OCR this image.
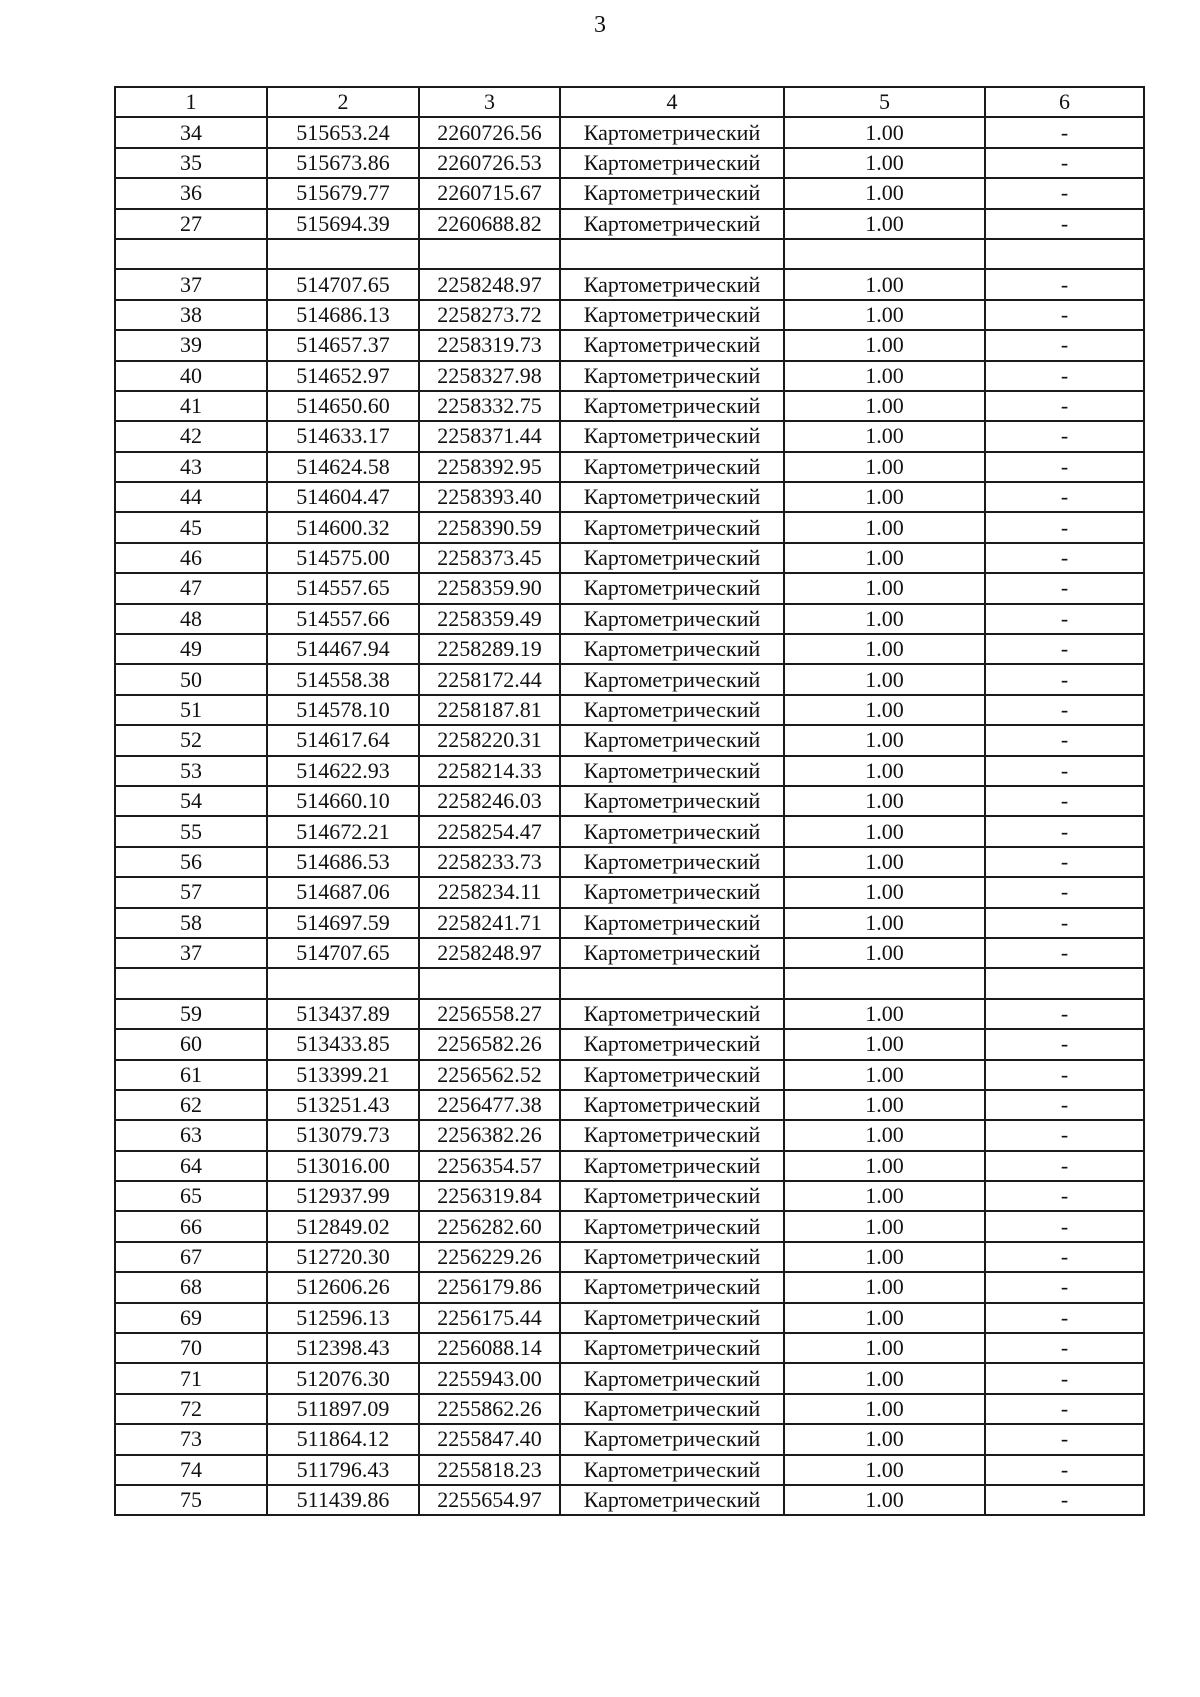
3
1	2	3	4	5	6
34	515653.24	2260726.56	Картометрический	1.00	-
35	515673.86	2260726.53	Картометрический	1.00	-
36	515679.77	2260715.67	Картометрический	1.00	-
27	515694.39	2260688.82	Картометрический	1.00	-

37	514707.65	2258248.97	Картометрический	1.00	-
38	514686.13	2258273.72	Картометрический	1.00	-
39	514657.37	2258319.73	Картометрический	1.00	-
40	514652.97	2258327.98	Картометрический	1.00	-
41	514650.60	2258332.75	Картометрический	1.00	-
42	514633.17	2258371.44	Картометрический	1.00	-
43	514624.58	2258392.95	Картометрический	1.00	-
44	514604.47	2258393.40	Картометрический	1.00	-
45	514600.32	2258390.59	Картометрический	1.00	-
46	514575.00	2258373.45	Картометрический	1.00	-
47	514557.65	2258359.90	Картометрический	1.00	-
48	514557.66	2258359.49	Картометрический	1.00	-
49	514467.94	2258289.19	Картометрический	1.00	-
50	514558.38	2258172.44	Картометрический	1.00	-
51	514578.10	2258187.81	Картометрический	1.00	-
52	514617.64	2258220.31	Картометрический	1.00	-
53	514622.93	2258214.33	Картометрический	1.00	-
54	514660.10	2258246.03	Картометрический	1.00	-
55	514672.21	2258254.47	Картометрический	1.00	-
56	514686.53	2258233.73	Картометрический	1.00	-
57	514687.06	2258234.11	Картометрический	1.00	-
58	514697.59	2258241.71	Картометрический	1.00	-
37	514707.65	2258248.97	Картометрический	1.00	-

59	513437.89	2256558.27	Картометрический	1.00	-
60	513433.85	2256582.26	Картометрический	1.00	-
61	513399.21	2256562.52	Картометрический	1.00	-
62	513251.43	2256477.38	Картометрический	1.00	-
63	513079.73	2256382.26	Картометрический	1.00	-
64	513016.00	2256354.57	Картометрический	1.00	-
65	512937.99	2256319.84	Картометрический	1.00	-
66	512849.02	2256282.60	Картометрический	1.00	-
67	512720.30	2256229.26	Картометрический	1.00	-
68	512606.26	2256179.86	Картометрический	1.00	-
69	512596.13	2256175.44	Картометрический	1.00	-
70	512398.43	2256088.14	Картометрический	1.00	-
71	512076.30	2255943.00	Картометрический	1.00	-
72	511897.09	2255862.26	Картометрический	1.00	-
73	511864.12	2255847.40	Картометрический	1.00	-
74	511796.43	2255818.23	Картометрический	1.00	-
75	511439.86	2255654.97	Картометрический	1.00	-
